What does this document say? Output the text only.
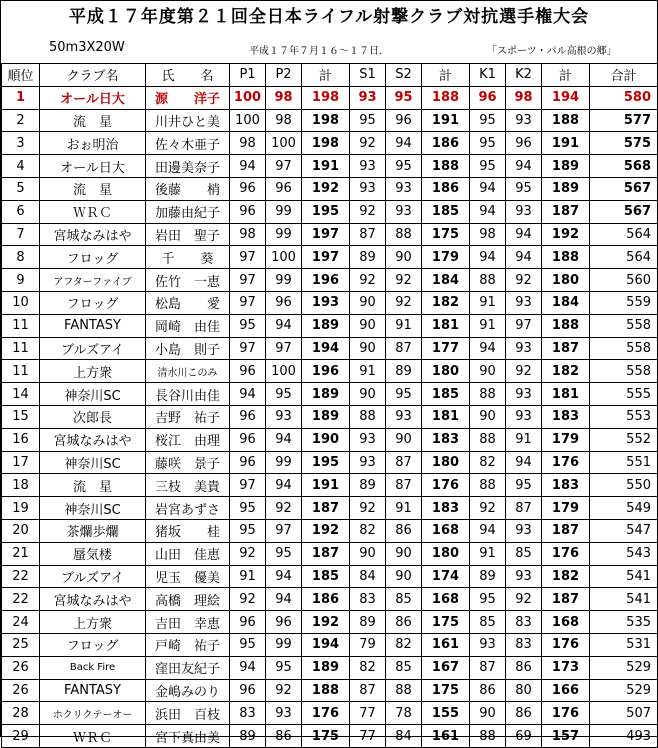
平成１７年度第２１回全日本ライフル射撃クラブ対抗選手権大会
50m3X20W	平成１７年７月１６～１７日.	「スポーツ・パル高根の郷」
順位	クラブ名	氏　　名	P1	P2	計	S1	S2	計	K1	K2	計	合計
1	オール日大	源　　洋子	100	98	198	93	95	188	96	98	194	580
2	流　星	川井ひと美	100	98	198	95	96	191	95	93	188	577
3	おぉ明治	佐々木亜子	98	100	198	92	94	186	95	96	191	575
4	オール日大	田邊美奈子	94	97	191	93	95	188	95	94	189	568
5	流　星	後藤　　梢	96	96	192	93	93	186	94	95	189	567
6	ＷＲＣ	加藤由紀子	96	99	195	92	93	185	94	93	187	567
7	宮城なみはや	岩田　聖子	98	99	197	87	88	175	98	94	192	564
8	フロッグ	千　　葵	97	100	197	89	90	179	94	94	188	564
9	アフターファイブ	佐竹　一恵	97	99	196	92	92	184	88	92	180	560
10	フロッグ	松島　　愛	97	96	193	90	92	182	91	93	184	559
11	FANTASY	岡崎　由佳	95	94	189	90	91	181	91	97	188	558
11	ブルズアイ	小島　則子	97	97	194	90	87	177	94	93	187	558
11	上方衆	清水川このみ	96	100	196	91	89	180	90	92	182	558
14	神奈川SC	長谷川由佳	94	95	189	90	95	185	88	93	181	555
15	次郎長	吉野　祐子	96	93	189	88	93	181	90	93	183	553
16	宮城なみはや	桜江　由理	96	94	190	93	90	183	88	91	179	552
17	神奈川SC	藤咲　景子	96	99	195	93	87	180	82	94	176	551
18	流　星	三枝　美貴	97	94	191	89	87	176	88	95	183	550
19	神奈川SC	岩宮あずさ	95	92	187	92	91	183	92	87	179	549
20	茶爛歩爛	猪坂　　桂	95	97	192	82	86	168	94	93	187	547
21	蜃気楼	山田　佳恵	92	95	187	90	90	180	91	85	176	543
22	ブルズアイ	児玉　優美	91	94	185	84	90	174	89	93	182	541
22	宮城なみはや	高橋　理絵	92	94	186	83	85	168	95	92	187	541
24	上方衆	吉田　幸恵	96	96	192	89	86	175	85	83	168	535
25	フロッグ	戸崎　祐子	95	99	194	79	82	161	93	83	176	531
26	Back Fire	窪田友紀子	94	95	189	82	85	167	87	86	173	529
26	FANTASY	金嶋みのり	96	92	188	87	88	175	86	80	166	529
28	ホクリクテーオー	浜田　百枝	83	93	176	77	78	155	90	86	176	507
29	ＷＲＣ	宮下真由美	89	86	175	77	84	161	88	69	157	493
